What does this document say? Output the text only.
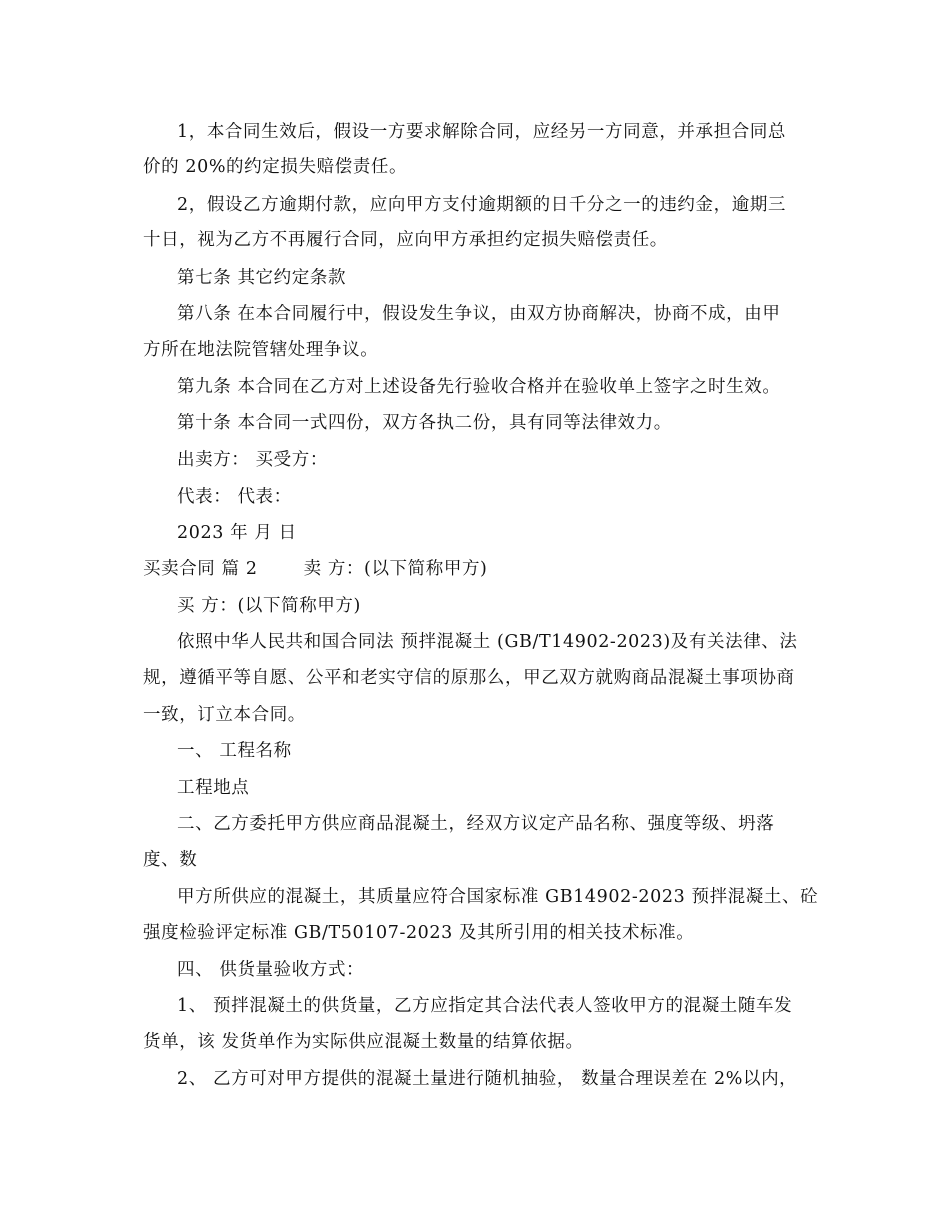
1，本合同生效后，假设一方要求解除合同，应经另一方同意，并承担合同总
价的 20%的约定损失赔偿责任。
2，假设乙方逾期付款，应向甲方支付逾期额的日千分之一的违约金，逾期三
十日，视为乙方不再履行合同，应向甲方承担约定损失赔偿责任。
第七条 其它约定条款
第八条 在本合同履行中，假设发生争议，由双方协商解决，协商不成，由甲
方所在地法院管辖处理争议。
第九条 本合同在乙方对上述设备先行验收合格并在验收单上签字之时生效。
第十条 本合同一式四份，双方各执二份，具有同等法律效力。
出卖方： 买受方：
代表： 代表：
2023 年 月 日
买卖合同 篇 2	卖 方：(以下简称甲方)
买 方：(以下简称甲方)
依照中华人民共和国合同法 预拌混凝土 (GB/T14902-2023)及有关法律、法
规，遵循平等自愿、公平和老实守信的原那么，甲乙双方就购商品混凝土事项协商
一致，订立本合同。
一、 工程名称
工程地点
二、乙方委托甲方供应商品混凝土，经双方议定产品名称、强度等级、坍落
度、数
甲方所供应的混凝土，其质量应符合国家标准 GB14902-2023 预拌混凝土、砼
强度检验评定标准 GB/T50107-2023 及其所引用的相关技术标准。
四、 供货量验收方式：
1、 预拌混凝土的供货量，乙方应指定其合法代表人签收甲方的混凝土随车发
货单，该 发货单作为实际供应混凝土数量的结算依据。
2、 乙方可对甲方提供的混凝土量进行随机抽验， 数量合理误差在 2%以内，
